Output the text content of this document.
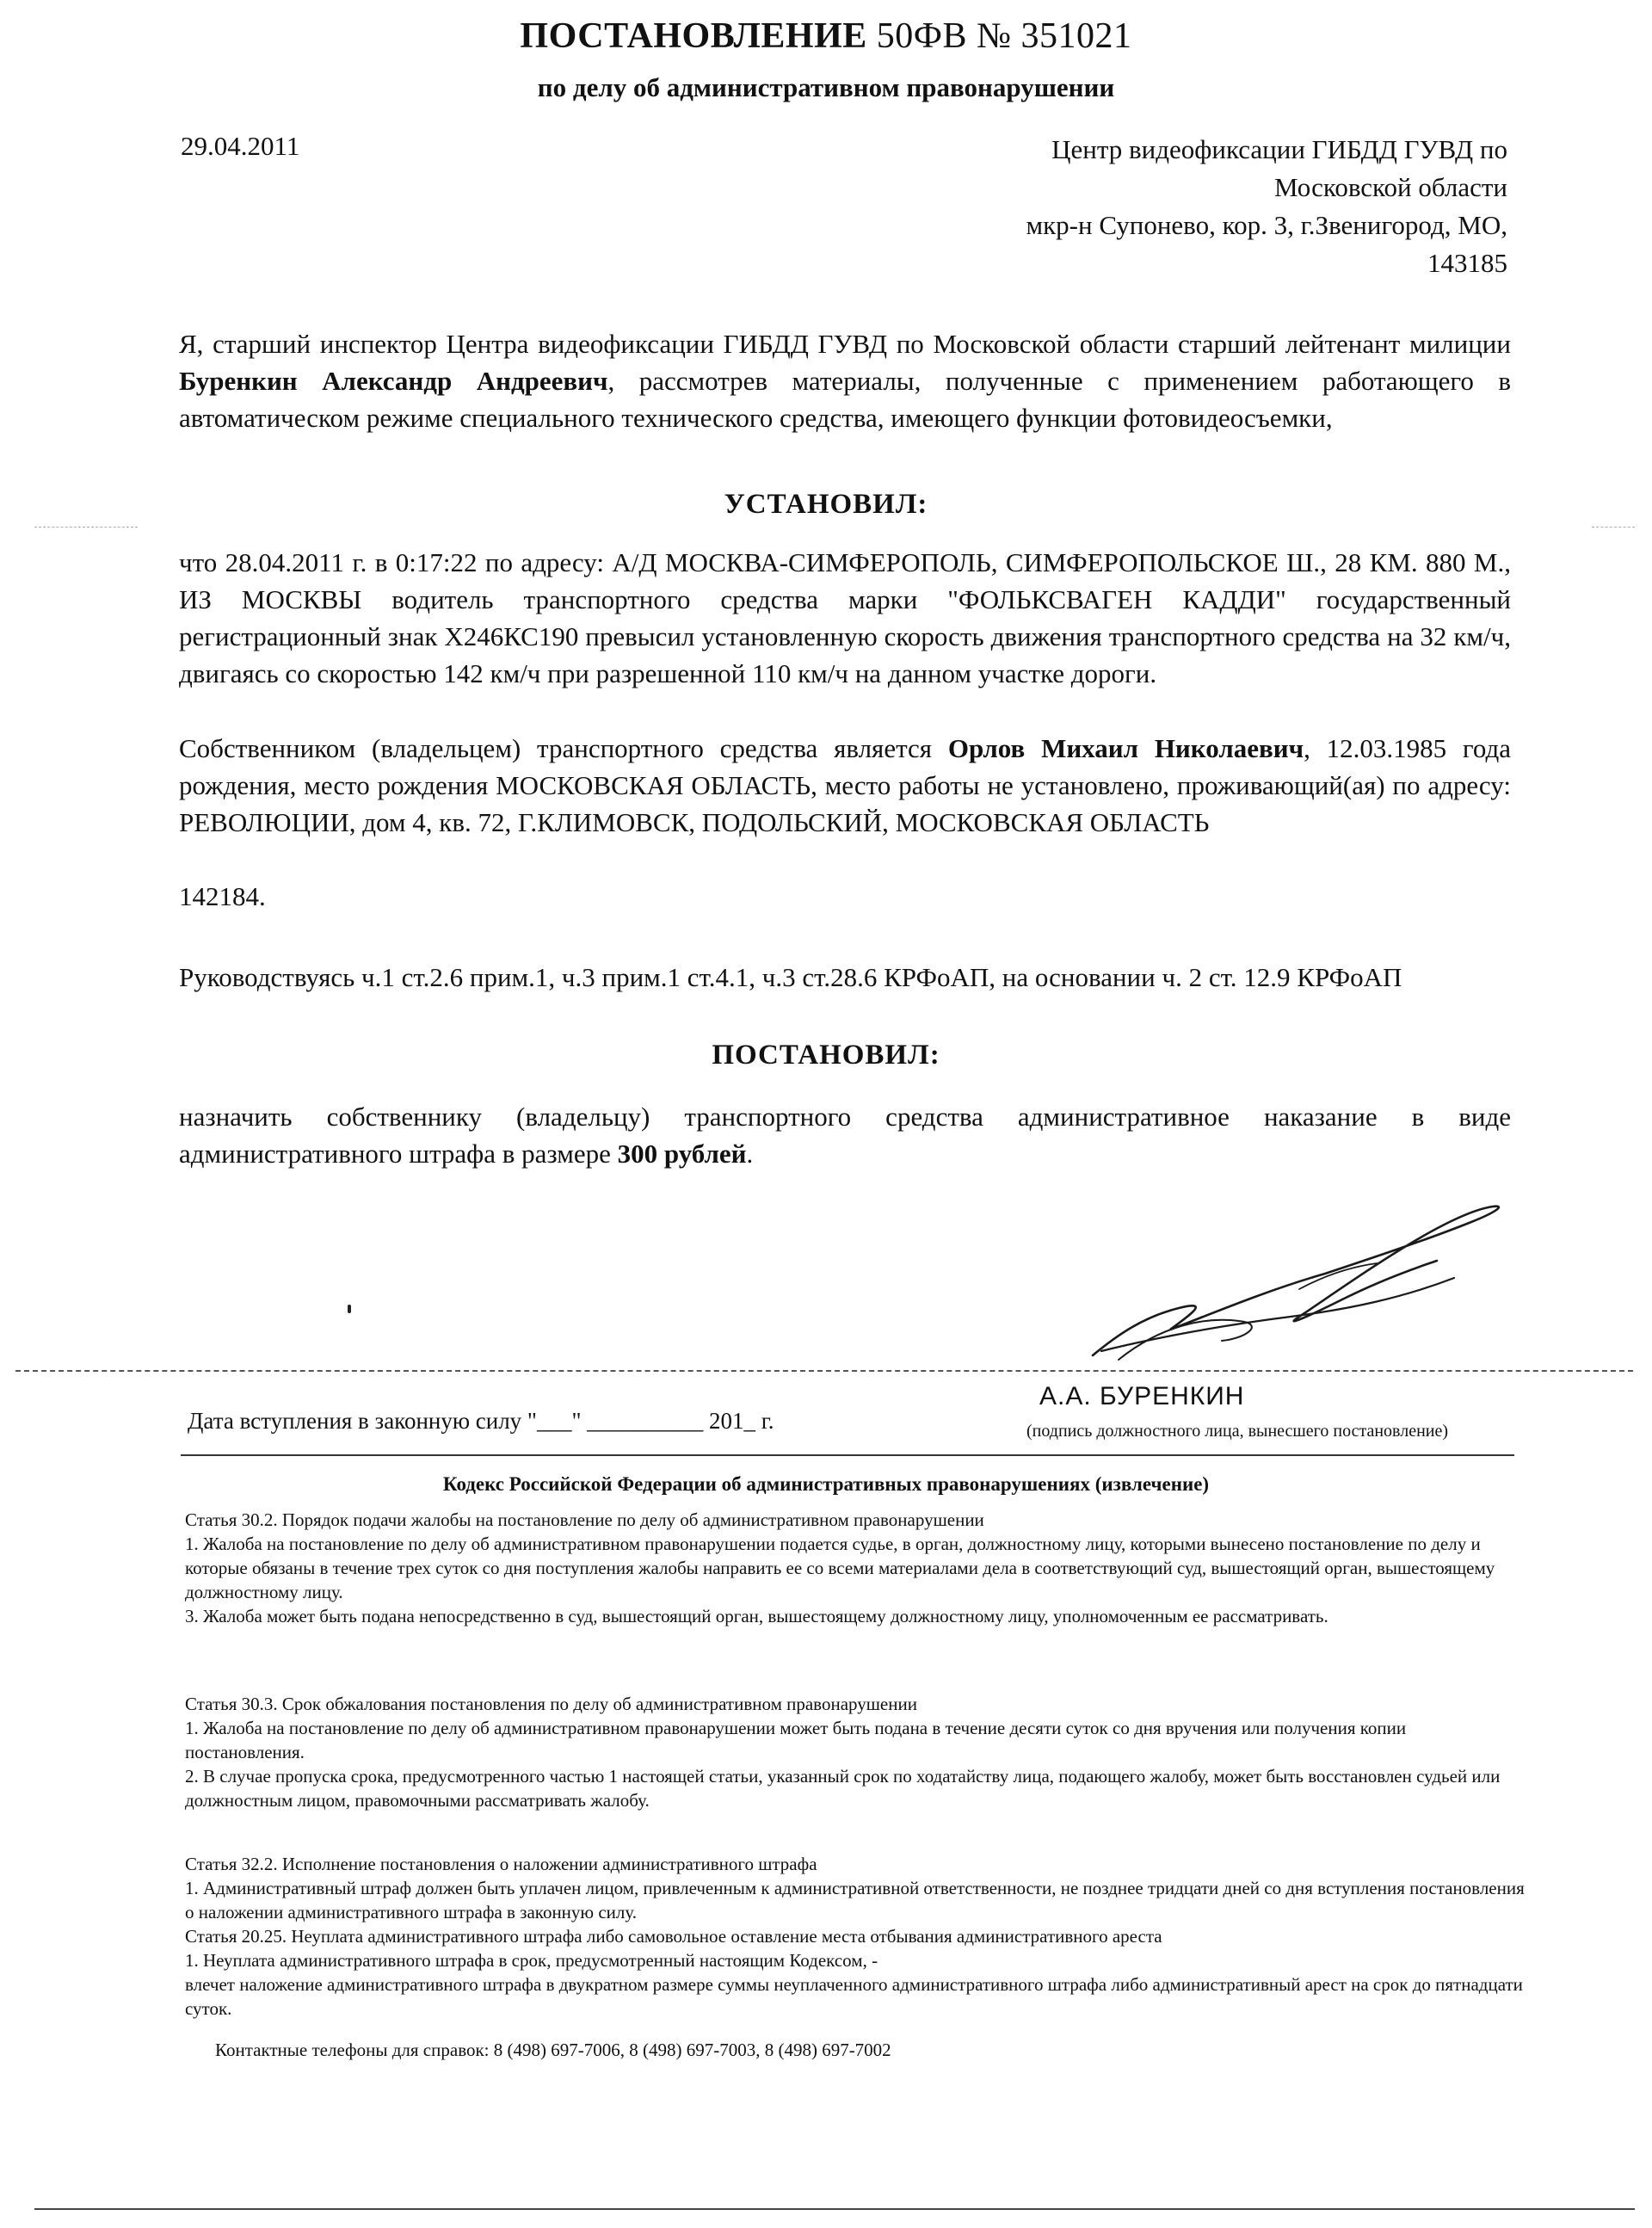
ПОСТАНОВЛЕНИЕ 50ФВ № 351021
по делу об административном правонарушении
29.04.2011	Центр видеофиксации ГИБДД ГУВД по
Московской области
мкр-н Супонево, кор. 3, г.Звенигород, МО,
143185
Я, старший инспектор Центра видеофиксации ГИБДД ГУВД по Московской области старший лейтенант милиции Буренкин Александр Андреевич, рассмотрев материалы, полученные с применением работающего в автоматическом режиме специального технического средства, имеющего функции фотовидеосъемки,
УСТАНОВИЛ:
что 28.04.2011 г. в 0:17:22 по адресу: А/Д МОСКВА-СИМФЕРОПОЛЬ, СИМФЕРОПОЛЬСКОЕ Ш., 28 КМ. 880 М., ИЗ МОСКВЫ водитель транспортного средства марки "ФОЛЬКСВАГЕН КАДДИ" государственный регистрационный знак Х246КС190 превысил установленную скорость движения транспортного средства на 32 км/ч, двигаясь со скоростью 142 км/ч при разрешенной 110 км/ч на данном участке дороги.
Собственником (владельцем) транспортного средства является Орлов Михаил Николаевич, 12.03.1985 года рождения, место рождения МОСКОВСКАЯ ОБЛАСТЬ, место работы не установлено, проживающий(ая) по адресу: РЕВОЛЮЦИИ, дом 4, кв. 72, Г.КЛИМОВСК, ПОДОЛЬСКИЙ, МОСКОВСКАЯ ОБЛАСТЬ
142184.
Руководствуясь ч.1 ст.2.6 прим.1, ч.3 прим.1 ст.4.1, ч.3 ст.28.6 КРФоАП, на основании ч. 2 ст. 12.9 КРФоАП
ПОСТАНОВИЛ:
назначить собственнику (владельцу) транспортного средства административное наказание в виде административного штрафа в размере 300 рублей.
А.А. БУРЕНКИН
Дата вступления в законную силу "___" __________ 201_ г.	(подпись должностного лица, вынесшего постановление)
Кодекс Российской Федерации об административных правонарушениях (извлечение)
Статья 30.2. Порядок подачи жалобы на постановление по делу об административном правонарушении
1. Жалоба на постановление по делу об административном правонарушении подается судье, в орган, должностному лицу, которыми вынесено постановление по делу и которые обязаны в течение трех суток со дня поступления жалобы направить ее со всеми материалами дела в соответствующий суд, вышестоящий орган, вышестоящему должностному лицу.
3. Жалоба может быть подана непосредственно в суд, вышестоящий орган, вышестоящему должностному лицу, уполномоченным ее рассматривать.
Статья 30.3. Срок обжалования постановления по делу об административном правонарушении
1. Жалоба на постановление по делу об административном правонарушении может быть подана в течение десяти суток со дня вручения или получения копии постановления.
2. В случае пропуска срока, предусмотренного частью 1 настоящей статьи, указанный срок по ходатайству лица, подающего жалобу, может быть восстановлен судьей или должностным лицом, правомочными рассматривать жалобу.
Статья 32.2. Исполнение постановления о наложении административного штрафа
1. Административный штраф должен быть уплачен лицом, привлеченным к административной ответственности, не позднее тридцати дней со дня вступления постановления о наложении административного штрафа в законную силу.
Статья 20.25. Неуплата административного штрафа либо самовольное оставление места отбывания административного ареста
1. Неуплата административного штрафа в срок, предусмотренный настоящим Кодексом, -
влечет наложение административного штрафа в двукратном размере суммы неуплаченного административного штрафа либо административный арест на срок до пятнадцати суток.
Контактные телефоны для справок: 8 (498) 697-7006, 8 (498) 697-7003, 8 (498) 697-7002
